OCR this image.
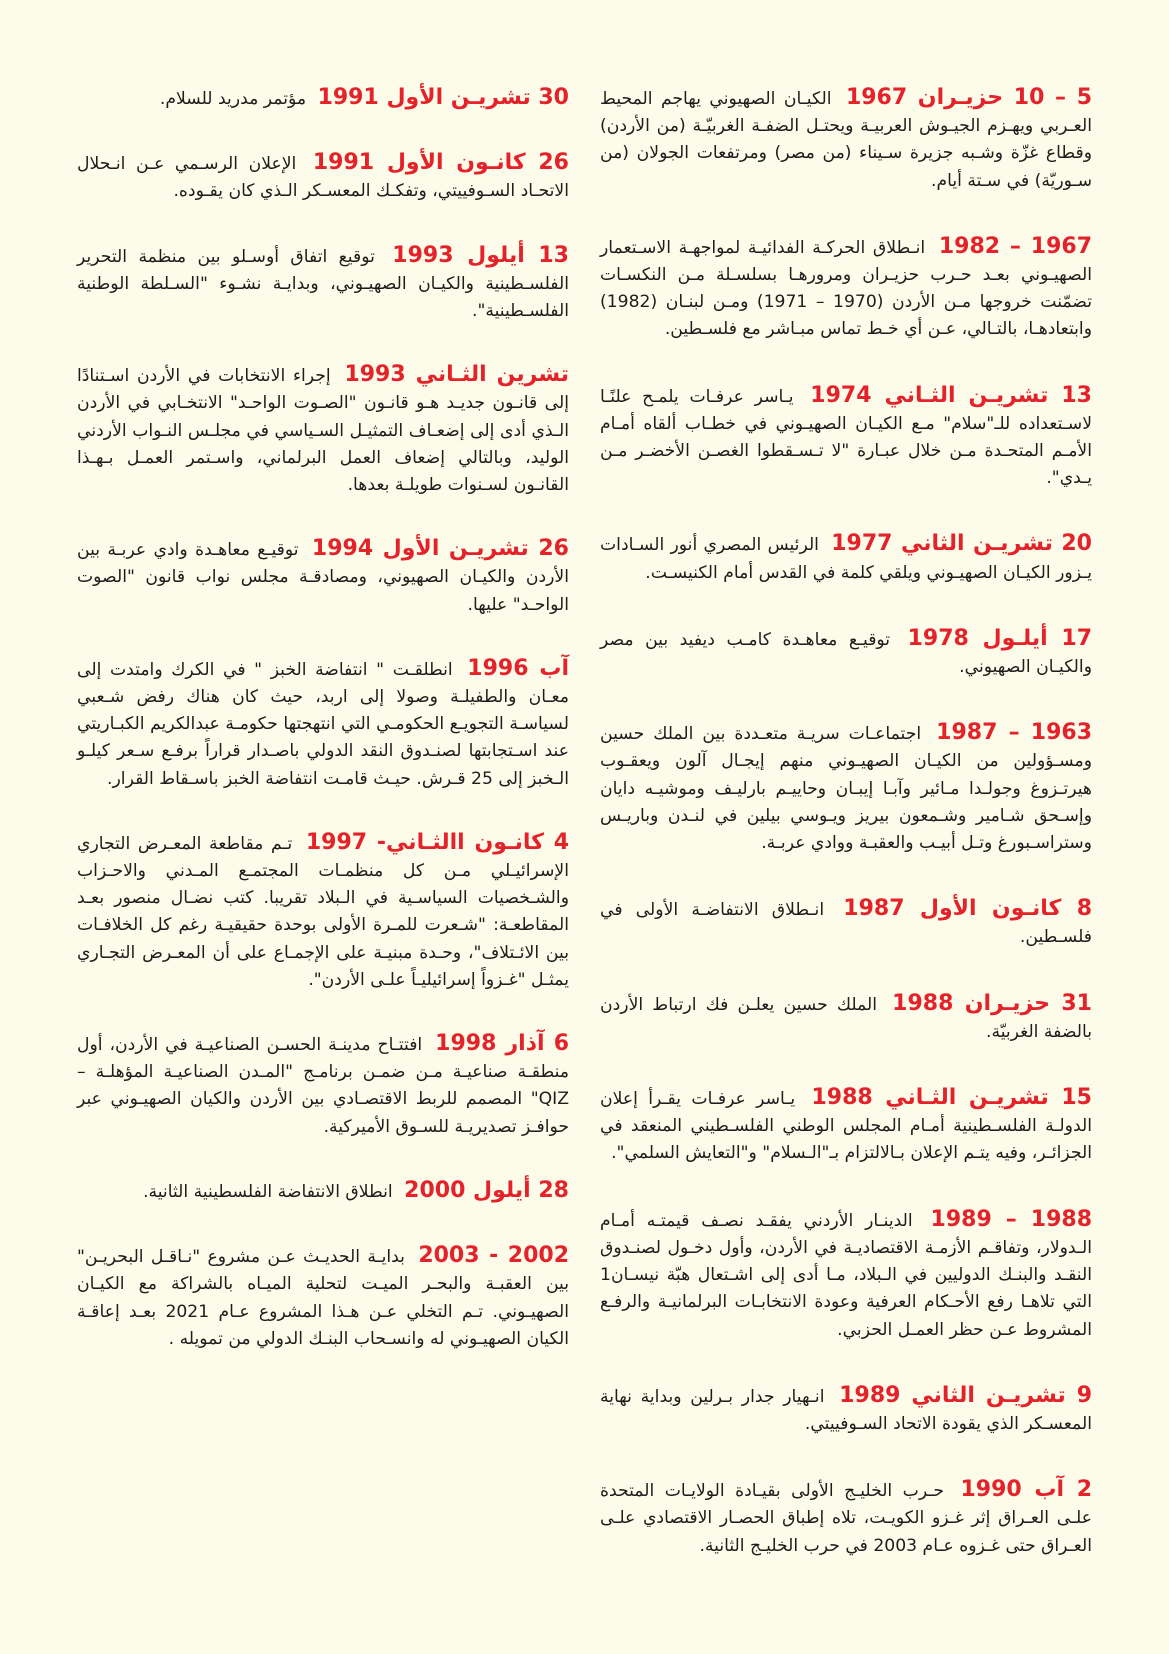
5 – 10 حزيـران 1967 الكيـان الصهيوني يهاجم المحيط العـربي ويهـزم الجيـوش العربيـة ويحتـل الضفـة الغربيّـة (من الأردن) وقطاع غزّة وشـبه جزيرة سـيناء (من مصر) ومرتفعات الجولان (من سـوريّة) في سـتة أيام.

1967 – 1982 انـطلاق الحركـة الفدائيـة لمواجهـة الاسـتعمار الصهيـوني بعـد حـرب حزيـران ومرورهـا بسلسـلة مـن النكسـات تضمّنت خروجها مـن الأردن (1970 – 1971) ومـن لبنـان (1982) وابتعادهـا، بالتـالي، عـن أي خـط تماس مبـاشر مع فلسـطين.

13 تشريـن الثـاني 1974 يـاسر عرفـات يلمـح علنًـا لاسـتعداده للـ"سلام" مـع الكيـان الصهيـوني في خطـاب ألقاه أمـام الأمـم المتحـدة مـن خلال عبـارة "لا تـسـقطوا الغصـن الأخضـر مـن يـدي".

20 تشريـن الثاني 1977 الرئيس المصري أنور السـادات يـزور الكيـان الصهيـوني ويلقي كلمة في القدس أمام الكنيسـت.

17 أيلـول 1978 توقيـع معاهـدة كامـب ديفيد بين مصر والكيـان الصهيوني.

1963 – 1987 اجتماعـات سريـة متعـددة بين الملك حسين ومسـؤولين من الكيـان الصهيـوني منهم إيجـال آلون ويعقـوب هيرتـزوغ وجولـدا مـائير وآبـا إيبـان وحاييـم بارليـف وموشيـه دايان وإسـحق شـامير وشـمعون بيريز ويـوسي بيلين في لنـدن وباريـس وستراسـبورغ وتـل أبيـب والعقبـة ووادي عربـة.

8 كانـون الأول 1987 انـطلاق الانتفاضـة الأولى في فلسـطين.

31 حزيـران 1988 الملك حسين يعلـن فك ارتباط الأردن بالضفة الغربيّة.

15 تشريـن الثـاني 1988 يـاسر عرفـات يقـرأ إعلان الدولـة الفلسـطينية أمـام المجلس الوطني الفلسـطيني المنعقد في الجزائـر، وفيه يتـم الإعلان بـالالتزام بـ"الـسلام" و"التعايش السلمي".

1988 – 1989 الدينـار الأردني يفقـد نصـف قيمتـه أمـام الـدولار، وتفاقـم الأزمـة الاقتصاديـة في الأردن، وأول دخـول لصنـدوق النقـد والبنـك الدوليين في الـبلاد، مـا أدى إلى اشـتعال هبّة نيسـان1 التي تلاهـا رفع الأحـكام العرفية وعودة الانتخابـات البرلمانيـة والرفـع المشروط عـن حظر العمـل الحزبي.

9 تشريـن الثاني 1989 انـهيار جدار بـرلين وبداية نهاية المعسـكر الذي يقودة الاتحاد السـوفييتي.

2 آب 1990 حـرب الخليـج الأولى بقيـادة الولايـات المتحدة علـى العـراق إثر غـزو الكويـت، تلاه إطباق الحصـار الاقتصادي علـى العـراق حتى غـزوه عـام 2003 في حرب الخليـج الثانية.

30 تشريـن الأول 1991 مؤتمر مدريد للسلام.

26 كانـون الأول 1991 الإعلان الرسـمي عـن انـحلال الاتحـاد السـوفييتي، وتفكـك المعسـكر الـذي كان يقـوده.

13 أيلول 1993 توقيع اتفاق أوسـلو بين منظمة التحرير الفلسـطينية والكيـان الصهيـوني، وبدايـة نشـوء "السـلطة الوطنية الفلسـطينية".

تشرين الثـاني 1993 إجراء الانتخابات في الأردن اسـتنادًا إلى قانـون جديـد هـو قانـون "الصـوت الواحـد" الانتخـابي في الأردن الـذي أدى إلى إضعـاف التمثيـل السـياسي في مجلـس النـواب الأردني الوليد، وبالتالي إضعاف العمل البرلماني، واسـتمر العمـل بـهـذا القانـون لسـنوات طويلـة بعدها.

26 تشريـن الأول 1994 توقيـع معاهـدة وادي عربـة بين الأردن والكيـان الصهيوني، ومصادقـة مجلس نواب قانون "الصوت الواحـد" عليها.

آب 1996 انطلقـت " انتفاضة الخبز " في الكرك وامتدت إلى معـان والطفيلـة وصولا إلى اربد، حيث كان هناك رفض شـعبي لسياسـة التجويـع الحكومـي التي انتهجتها حكومـة عبدالكريم الكبـاريتي عند اسـتجابتها لصنـدوق النقد الدولي باصـدار قراراً برفـع سـعر كيلـو الـخبز إلى 25 قـرش. حيـث قامـت انتفاضة الخبز باسـقاط القرار.

4 كانـون االثـاني- 1997 تـم مقاطعة المعـرض التجاري الإسرائيـلي مـن كل منظمـات المجتمـع المـدني والاحـزاب والشـخصيات السياسـية في الـبلاد تقريبا. كتب نضـال منصور بعـد المقاطعـة: "شـعرت للمـرة الأولى بوحدة حقيقيـة رغم كل الخلافـات بين الائـتلاف"، وحـدة مبنيـة على الإجمـاع على أن المعـرض التجـاري يمثـل "غـزواً إسرائيليـاً علـى الأردن".

6 آذار 1998 افتتـاح مدينـة الحسـن الصناعيـة في الأردن، أول منطقـة صناعيـة مـن ضمـن برنامـج "المـدن الصناعيـة المؤهلـة – QIZ" المصمم للربط الاقتصـادي بين الأردن والكيان الصهيـوني عبر حوافـز تصديريـة للسـوق الأميركية.

28 أيلول 2000 انطلاق الانتفاضة الفلسطينية الثانية.

2002 - 2003 بدايـة الحديـث عـن مشروع "نـاقـل البحريـن" بين العقبـة والبحـر الميـت لتحلية الميـاه بالشراكة مع الكيـان الصهيـوني. تـم التخلي عـن هـذا المشروع عـام 2021 بعـد إعاقـة الكيان الصهيـوني له وانسـحاب البنـك الدولي من تمويله .
